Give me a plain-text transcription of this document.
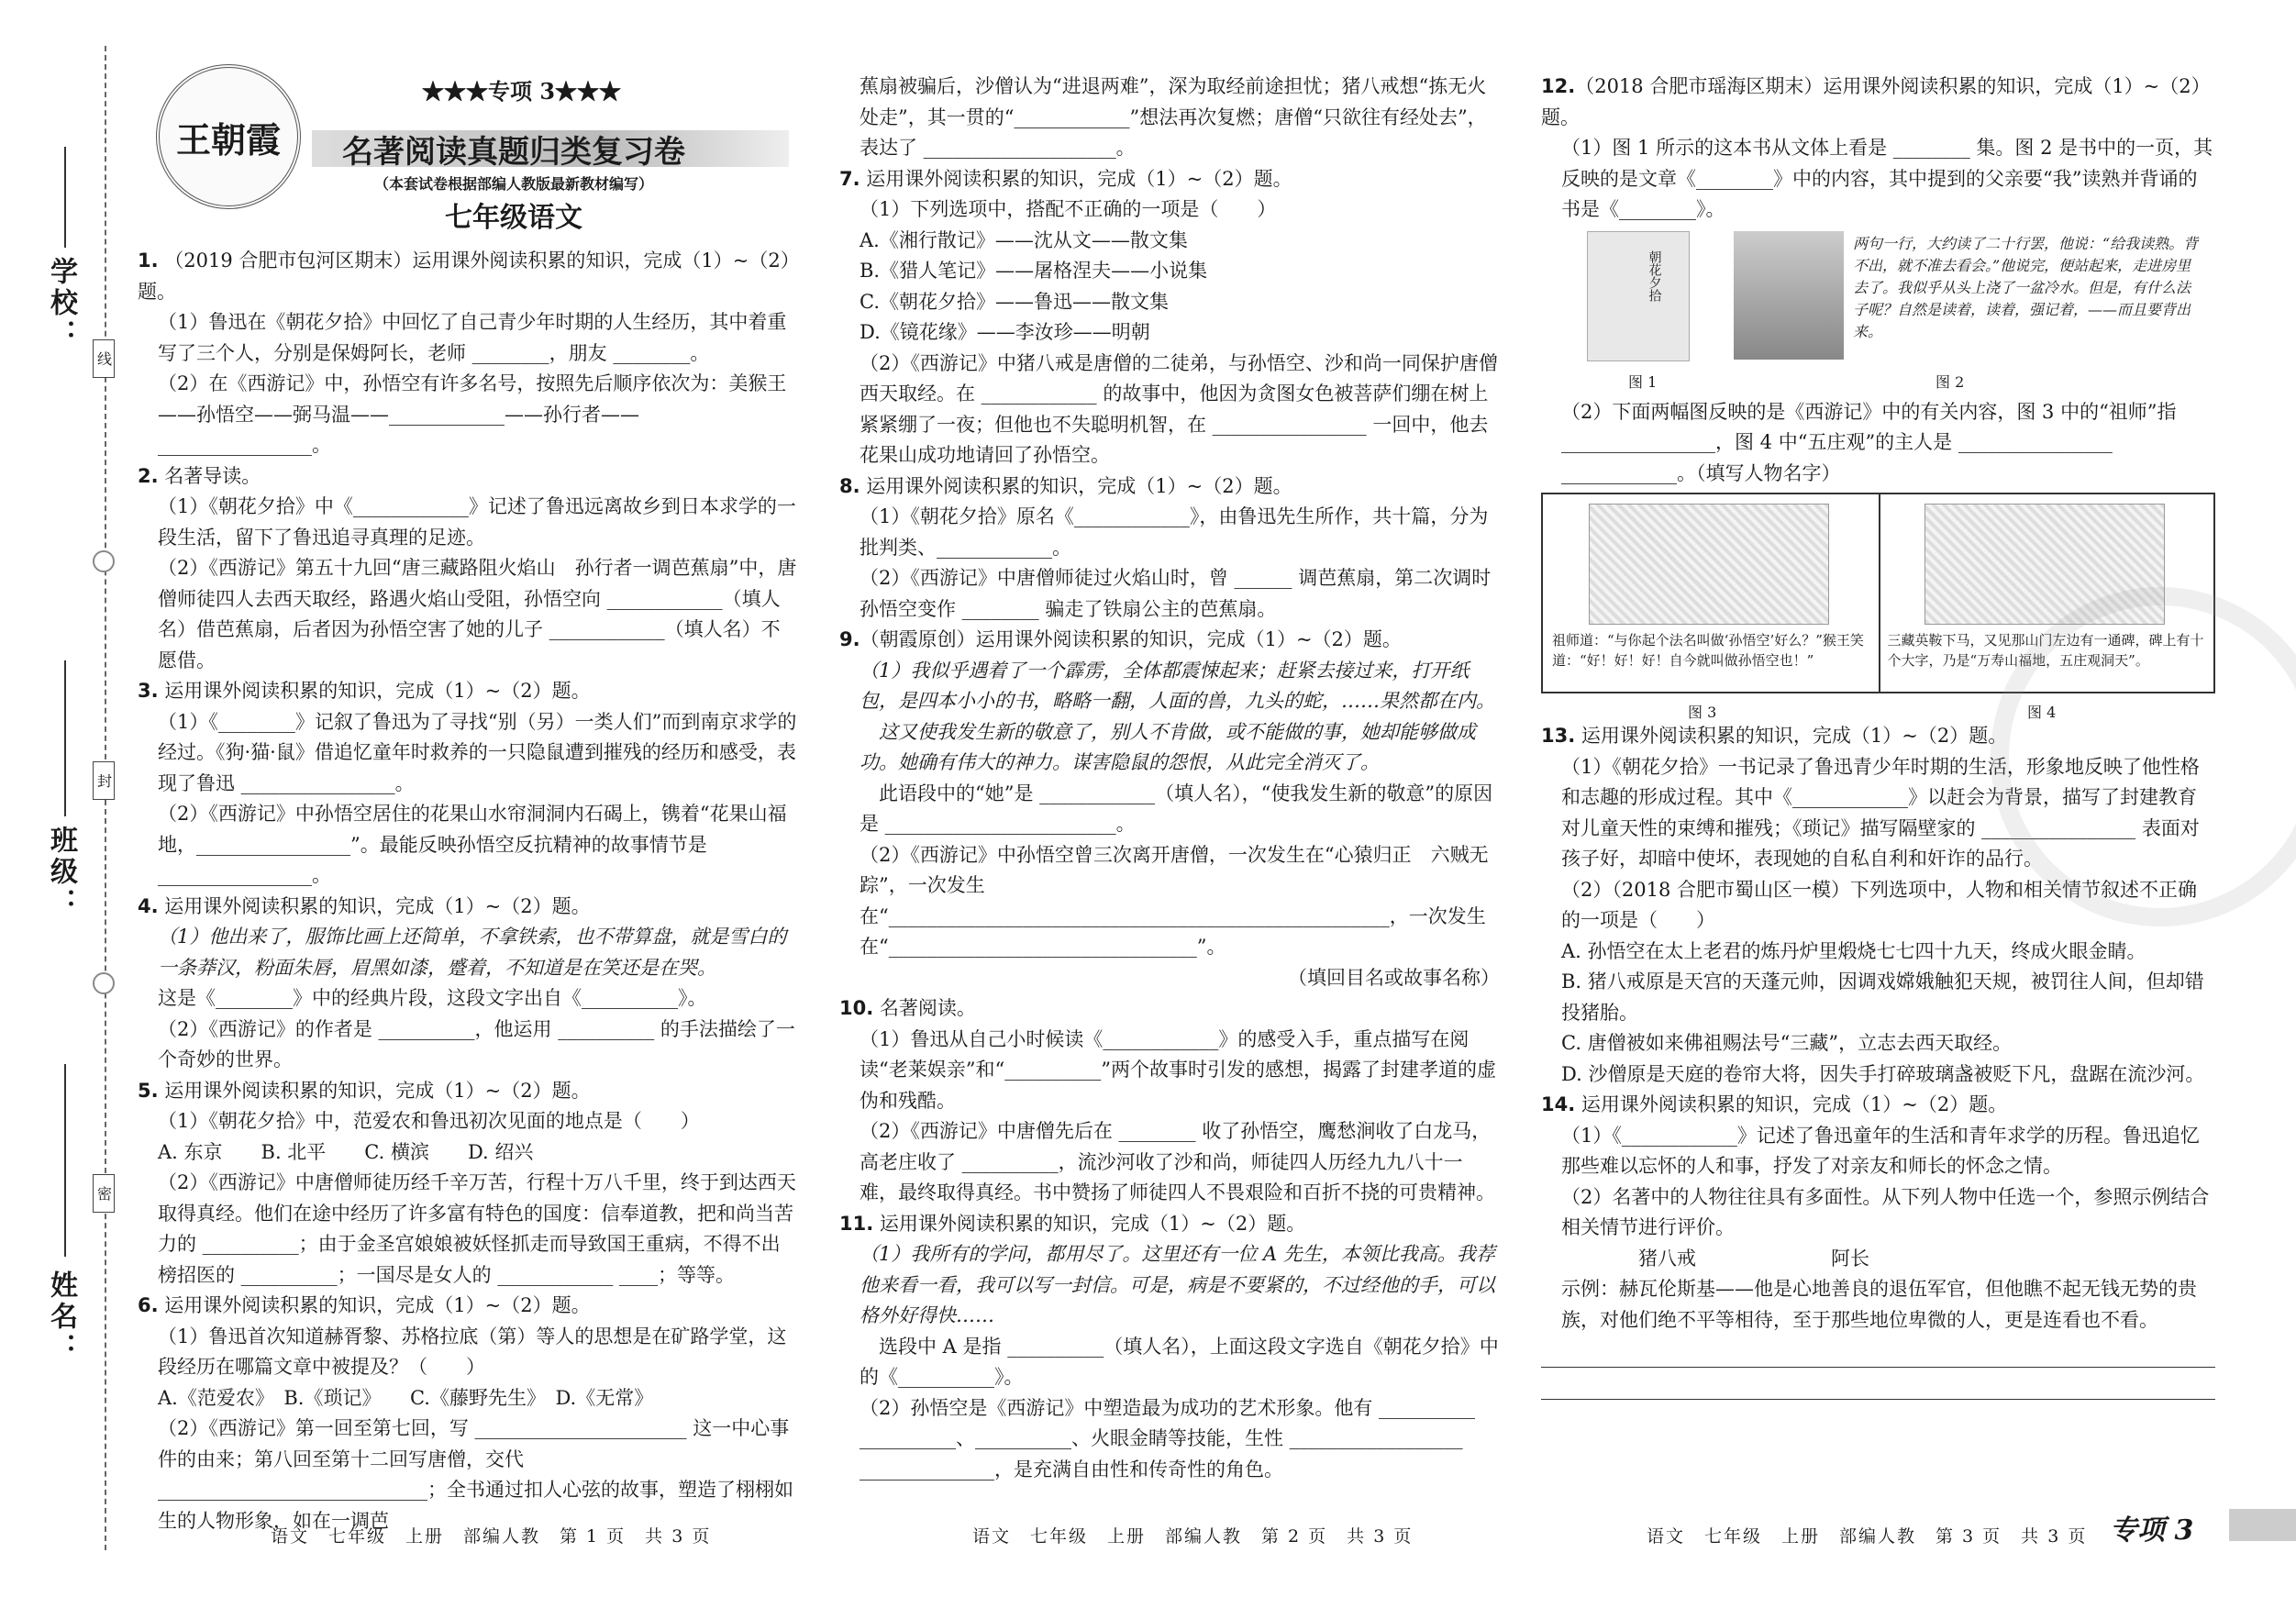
学校：
班级：
姓名：
线
封
密
王朝霞
★★★专项 3★★★
名著阅读真题归类复习卷
（本套试卷根据部编人教版最新教材编写）
七年级语文

1. （2019 合肥市包河区期末）运用课外阅读积累的知识，完成（1）~（2）题。

（1）鲁迅在《朝花夕拾》中回忆了自己青少年时期的人生经历，其中着重写了三个人，分别是保姆阿长，老师 ________，朋友 ________。

（2）在《西游记》中，孙悟空有许多名号，按照先后顺序依次为：美猴王——孙悟空——弼马温——____________——孙行者——________________。

2. 名著导读。

（1）《朝花夕拾》中《____________》记述了鲁迅远离故乡到日本求学的一段生活，留下了鲁迅追寻真理的足迹。

（2）《西游记》第五十九回“唐三藏路阻火焰山　孙行者一调芭蕉扇”中，唐僧师徒四人去西天取经，路遇火焰山受阻，孙悟空向 ____________（填人名）借芭蕉扇，后者因为孙悟空害了她的儿子 ____________（填人名）不愿借。

3. 运用课外阅读积累的知识，完成（1）~（2）题。

（1）《________》记叙了鲁迅为了寻找“别（另）一类人们”而到南京求学的经过。《狗·猫·鼠》借追忆童年时救养的一只隐鼠遭到摧残的经历和感受，表现了鲁迅 ________________。

（2）《西游记》中孙悟空居住的花果山水帘洞洞内石碣上，镌着“花果山福地，________________”。最能反映孙悟空反抗精神的故事情节是 ________________。

4. 运用课外阅读积累的知识，完成（1）~（2）题。

（1）他出来了，服饰比画上还简单，不拿铁索，也不带算盘，就是雪白的一条莽汉，粉面朱唇，眉黑如漆，蹙着，不知道是在笑还是在哭。

这是《________》中的经典片段，这段文字出自《__________》。

（2）《西游记》的作者是 __________，他运用 __________ 的手法描绘了一个奇妙的世界。

5. 运用课外阅读积累的知识，完成（1）~（2）题。

（1）《朝花夕拾》中，范爱农和鲁迅初次见面的地点是（　　）

A. 东京　　B. 北平　　C. 横滨　　D. 绍兴

（2）《西游记》中唐僧师徒历经千辛万苦，行程十万八千里，终于到达西天取得真经。他们在途中经历了许多富有特色的国度：信奉道教，把和尚当苦力的 __________；由于金圣宫娘娘被妖怪抓走而导致国王重病，不得不出榜招医的 __________；一国尽是女人的 ____________ ____；等等。

6. 运用课外阅读积累的知识，完成（1）~（2）题。

（1）鲁迅首次知道赫胥黎、苏格拉底（第）等人的思想是在矿路学堂，这段经历在哪篇文章中被提及？（　　）

A.《范爱农》　B.《琐记》　　C.《藤野先生》　D.《无常》

（2）《西游记》第一回至第七回，写 ______________________ 这一中心事件的由来；第八回至第十二回写唐僧，交代 ____________________________；全书通过扣人心弦的故事，塑造了栩栩如生的人物形象，如在一调芭

蕉扇被骗后，沙僧认为“进退两难”，深为取经前途担忧；猪八戒想“拣无火处走”，其一贯的“____________”想法再次复燃；唐僧“只欲往有经处去”，表达了 ____________________。

7. 运用课外阅读积累的知识，完成（1）~（2）题。

（1）下列选项中，搭配不正确的一项是（　　）

A.《湘行散记》——沈从文——散文集

B.《猎人笔记》——屠格涅夫——小说集

C.《朝花夕拾》——鲁迅——散文集

D.《镜花缘》——李汝珍——明朝

（2）《西游记》中猪八戒是唐僧的二徒弟，与孙悟空、沙和尚一同保护唐僧西天取经。在 ____________ 的故事中，他因为贪图女色被菩萨们绷在树上紧紧绷了一夜；但他也不失聪明机智，在 ________________ 一回中，他去花果山成功地请回了孙悟空。

8. 运用课外阅读积累的知识，完成（1）~（2）题。

（1）《朝花夕拾》原名《____________》，由鲁迅先生所作，共十篇，分为批判类、____________。

（2）《西游记》中唐僧师徒过火焰山时，曾 ______ 调芭蕉扇，第二次调时孙悟空变作 ________ 骗走了铁扇公主的芭蕉扇。

9.（朝霞原创）运用课外阅读积累的知识，完成（1）~（2）题。

（1）我似乎遇着了一个霹雳，全体都震悚起来；赶紧去接过来，打开纸包，是四本小小的书，略略一翻，人面的兽，九头的蛇，……果然都在内。

　这又使我发生新的敬意了，别人不肯做，或不能做的事，她却能够做成功。她确有伟大的神力。谋害隐鼠的怨恨，从此完全消灭了。

　此语段中的“她”是 ____________（填人名），“使我发生新的敬意”的原因是 ________________________。

（2）《西游记》中孙悟空曾三次离开唐僧，一次发生在“心猿归正　六贼无踪”，一次发生在“____________________________________________________，一次发生在“________________________________”。

（填回目名或故事名称）

10. 名著阅读。

（1）鲁迅从自己小时候读《____________》的感受入手，重点描写在阅读“老莱娱亲”和“__________”两个故事时引发的感想，揭露了封建孝道的虚伪和残酷。

（2）《西游记》中唐僧先后在 ________ 收了孙悟空，鹰愁涧收了白龙马，高老庄收了 __________，流沙河收了沙和尚，师徒四人历经九九八十一难，最终取得真经。书中赞扬了师徒四人不畏艰险和百折不挠的可贵精神。

11. 运用课外阅读积累的知识，完成（1）~（2）题。

（1）我所有的学问，都用尽了。这里还有一位 A 先生，本领比我高。我荐他来看一看，我可以写一封信。可是，病是不要紧的，不过经他的手，可以格外好得快……

　选段中 A 是指 __________（填人名），上面这段文字选自《朝花夕拾》中的《__________》。

（2）孙悟空是《西游记》中塑造最为成功的艺术形象。他有 __________ __________、__________、火眼金睛等技能，生性 __________________ ______________，是充满自由性和传奇性的角色。

12.（2018 合肥市瑶海区期末）运用课外阅读积累的知识，完成（1）~（2）题。

（1）图 1 所示的这本书从文体上看是 ________ 集。图 2 是书中的一页，其反映的是文章《________》中的内容，其中提到的父亲要“我”读熟并背诵的书是《________》。

朝花夕拾
两句一行，大约读了二十行罢，他说：“给我读熟。背不出，就不准去看会。”他说完，便站起来，走进房里去了。我似乎从头上浇了一盆冷水。但是，有什么法子呢？自然是读着，读着，强记着，——而且要背出来。
图 1	图 2

（2）下面两幅图反映的是《西游记》中的有关内容，图 3 中的“祖师”指 ________________，图 4 中“五庄观”的主人是 ________________ ____________。（填写人物名字）

祖师道：“与你起个法名叫做‘孙悟空’好么？”猴王笑道：“好！好！好！自今就叫做孙悟空也！”
三藏英鞍下马，又见那山门左边有一通碑，碑上有十个大字，乃是“万寿山福地，五庄观洞天”。
图 3	图 4

13. 运用课外阅读积累的知识，完成（1）~（2）题。

（1）《朝花夕拾》一书记录了鲁迅青少年时期的生活，形象地反映了他性格和志趣的形成过程。其中《____________》以赶会为背景，描写了封建教育对儿童天性的束缚和摧残；《琐记》描写隔壁家的 ________________ 表面对孩子好，却暗中使坏，表现她的自私自利和奸诈的品行。

（2）（2018 合肥市蜀山区一模）下列选项中，人物和相关情节叙述不正确的一项是（　　）

A. 孙悟空在太上老君的炼丹炉里煅烧七七四十九天，终成火眼金睛。

B. 猪八戒原是天宫的天蓬元帅，因调戏嫦娥触犯天规，被罚往人间，但却错投猪胎。

C. 唐僧被如来佛祖赐法号“三藏”，立志去西天取经。

D. 沙僧原是天庭的卷帘大将，因失手打碎玻璃盏被贬下凡，盘踞在流沙河。

14. 运用课外阅读积累的知识，完成（1）~（2）题。

（1）《____________》记述了鲁迅童年的生活和青年求学的历程。鲁迅追忆那些难以忘怀的人和事，抒发了对亲友和师长的怀念之情。

（2）名著中的人物往往具有多面性。从下列人物中任选一个，参照示例结合相关情节进行评价。

　　　　猪八戒　　　　　　　阿长

示例：赫瓦伦斯基——他是心地善良的退伍军官，但他瞧不起无钱无势的贵族，对他们绝不平等相待，至于那些地位卑微的人，更是连看也不看。

语文　七年级　上册　部编人教　第 1 页　共 3 页	语文　七年级　上册　部编人教　第 2 页　共 3 页	语文　七年级　上册　部编人教　第 3 页　共 3 页 专项 3
